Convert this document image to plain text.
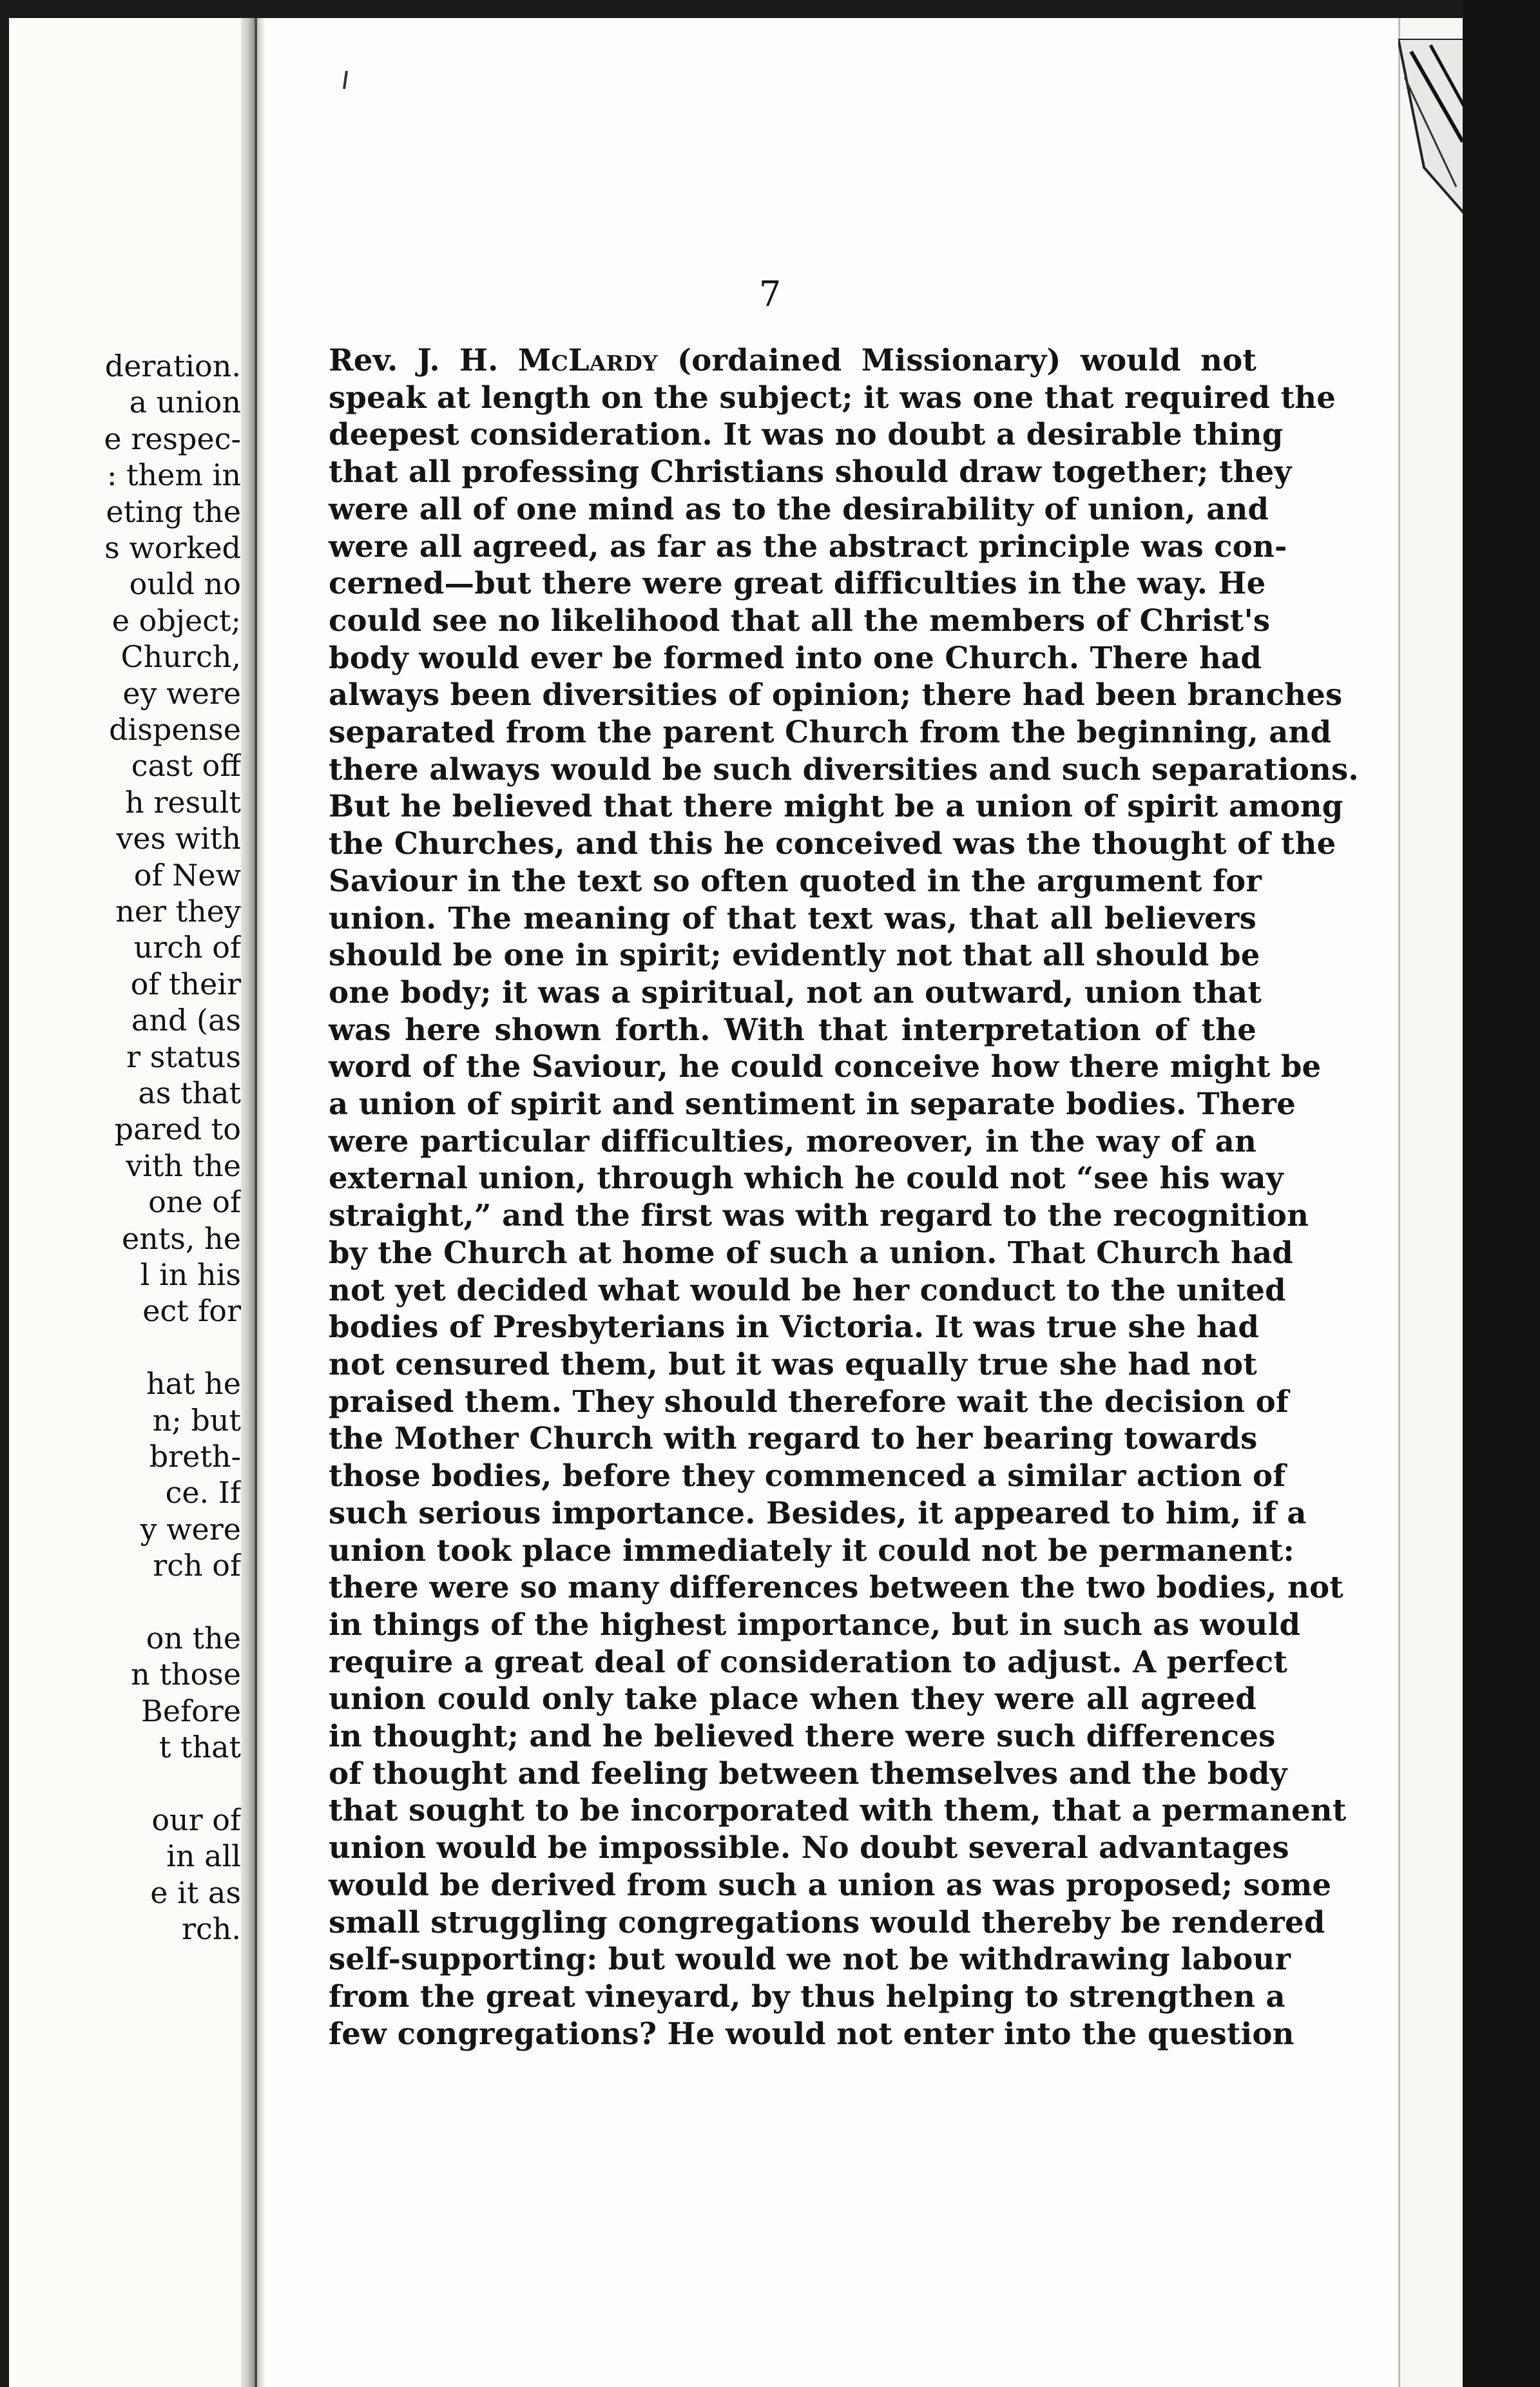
deration.
a union
e respec-
: them in
eting the
s worked
ould no
e object;
Church,
ey were
dispense
cast off
h result
ves with
of New
ner they
urch of
of their
and (as
r status
as that
pared to
vith the
one of
ents, he
l in his
ect for
hat he
n; but
breth-
ce. If
y were
rch of
on the
n those
Before
t that
our of
in all
e it as
rch.
7
Rev. J. H. McLardy (ordained Missionary) would not
speak at length on the subject; it was one that required the
deepest consideration. It was no doubt a desirable thing
that all professing Christians should draw together; they
were all of one mind as to the desirability of union, and
were all agreed, as far as the abstract principle was con-
cerned—but there were great difficulties in the way. He
could see no likelihood that all the members of Christ's
body would ever be formed into one Church. There had
always been diversities of opinion; there had been branches
separated from the parent Church from the beginning, and
there always would be such diversities and such separations.
But he believed that there might be a union of spirit among
the Churches, and this he conceived was the thought of the
Saviour in the text so often quoted in the argument for
union. The meaning of that text was, that all believers
should be one in spirit; evidently not that all should be
one body; it was a spiritual, not an outward, union that
was here shown forth. With that interpretation of the
word of the Saviour, he could conceive how there might be
a union of spirit and sentiment in separate bodies. There
were particular difficulties, moreover, in the way of an
external union, through which he could not “see his way
straight,” and the first was with regard to the recognition
by the Church at home of such a union. That Church had
not yet decided what would be her conduct to the united
bodies of Presbyterians in Victoria. It was true she had
not censured them, but it was equally true she had not
praised them. They should therefore wait the decision of
the Mother Church with regard to her bearing towards
those bodies, before they commenced a similar action of
such serious importance. Besides, it appeared to him, if a
union took place immediately it could not be permanent:
there were so many differences between the two bodies, not
in things of the highest importance, but in such as would
require a great deal of consideration to adjust. A perfect
union could only take place when they were all agreed
in thought; and he believed there were such differences
of thought and feeling between themselves and the body
that sought to be incorporated with them, that a permanent
union would be impossible. No doubt several advantages
would be derived from such a union as was proposed; some
small struggling congregations would thereby be rendered
self-supporting: but would we not be withdrawing labour
from the great vineyard, by thus helping to strengthen a
few congregations? He would not enter into the question
